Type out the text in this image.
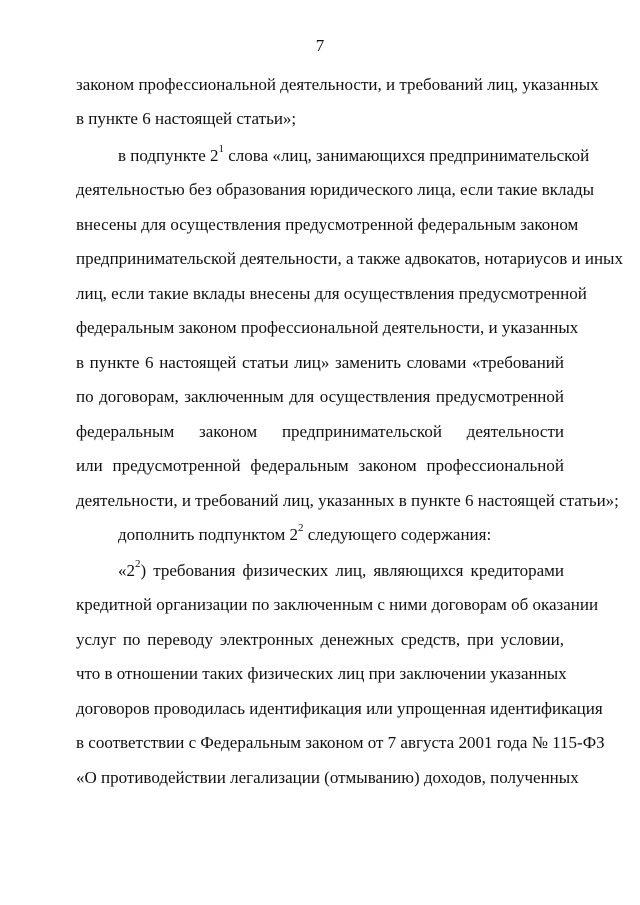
7
законом профессиональной деятельности, и требований лиц, указанных
в пункте 6 настоящей статьи»;
в подпункте $2^1$ слова «лиц, занимающихся предпринимательской
деятельностью без образования юридического лица, если такие вклады
внесены для осуществления предусмотренной федеральным законом
предпринимательской деятельности, а также адвокатов, нотариусов и иных
лиц, если такие вклады внесены для осуществления предусмотренной
федеральным законом профессиональной деятельности, и указанных
в пункте 6 настоящей статьи лиц» заменить словами «требований
по договорам, заключенным для осуществления предусмотренной
федеральным законом предпринимательской деятельности
или предусмотренной федеральным законом профессиональной
деятельности, и требований лиц, указанных в пункте 6 настоящей статьи»;
дополнить подпунктом $2^2$ следующего содержания:
«$2^2$) требования физических лиц, являющихся кредиторами
кредитной организации по заключенным с ними договорам об оказании
услуг по переводу электронных денежных средств, при условии,
что в отношении таких физических лиц при заключении указанных
договоров проводилась идентификация или упрощенная идентификация
в соответствии с Федеральным законом от 7 августа 2001 года № 115-ФЗ
«О противодействии легализации (отмыванию) доходов, полученных
